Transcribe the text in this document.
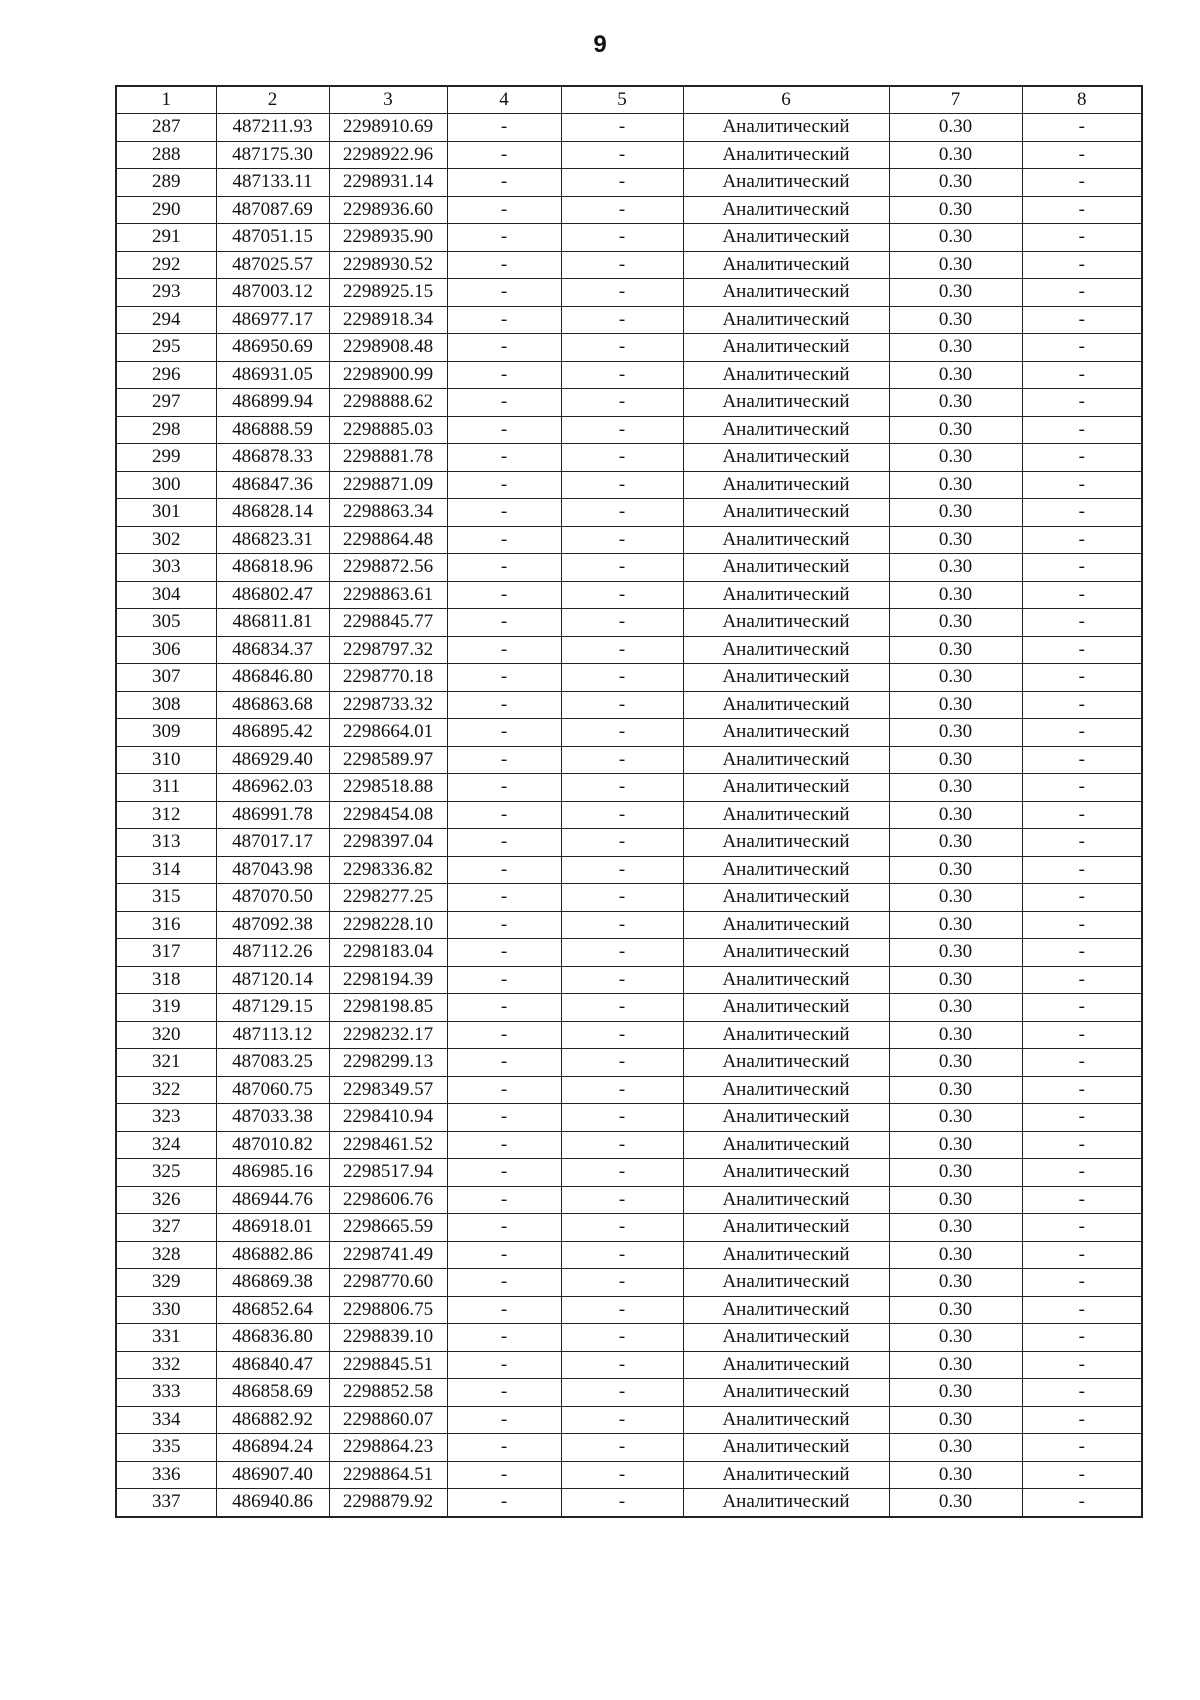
9
1	2	3	4	5	6	7	8
287	487211.93	2298910.69	-	-	Аналитический	0.30	-
288	487175.30	2298922.96	-	-	Аналитический	0.30	-
289	487133.11	2298931.14	-	-	Аналитический	0.30	-
290	487087.69	2298936.60	-	-	Аналитический	0.30	-
291	487051.15	2298935.90	-	-	Аналитический	0.30	-
292	487025.57	2298930.52	-	-	Аналитический	0.30	-
293	487003.12	2298925.15	-	-	Аналитический	0.30	-
294	486977.17	2298918.34	-	-	Аналитический	0.30	-
295	486950.69	2298908.48	-	-	Аналитический	0.30	-
296	486931.05	2298900.99	-	-	Аналитический	0.30	-
297	486899.94	2298888.62	-	-	Аналитический	0.30	-
298	486888.59	2298885.03	-	-	Аналитический	0.30	-
299	486878.33	2298881.78	-	-	Аналитический	0.30	-
300	486847.36	2298871.09	-	-	Аналитический	0.30	-
301	486828.14	2298863.34	-	-	Аналитический	0.30	-
302	486823.31	2298864.48	-	-	Аналитический	0.30	-
303	486818.96	2298872.56	-	-	Аналитический	0.30	-
304	486802.47	2298863.61	-	-	Аналитический	0.30	-
305	486811.81	2298845.77	-	-	Аналитический	0.30	-
306	486834.37	2298797.32	-	-	Аналитический	0.30	-
307	486846.80	2298770.18	-	-	Аналитический	0.30	-
308	486863.68	2298733.32	-	-	Аналитический	0.30	-
309	486895.42	2298664.01	-	-	Аналитический	0.30	-
310	486929.40	2298589.97	-	-	Аналитический	0.30	-
311	486962.03	2298518.88	-	-	Аналитический	0.30	-
312	486991.78	2298454.08	-	-	Аналитический	0.30	-
313	487017.17	2298397.04	-	-	Аналитический	0.30	-
314	487043.98	2298336.82	-	-	Аналитический	0.30	-
315	487070.50	2298277.25	-	-	Аналитический	0.30	-
316	487092.38	2298228.10	-	-	Аналитический	0.30	-
317	487112.26	2298183.04	-	-	Аналитический	0.30	-
318	487120.14	2298194.39	-	-	Аналитический	0.30	-
319	487129.15	2298198.85	-	-	Аналитический	0.30	-
320	487113.12	2298232.17	-	-	Аналитический	0.30	-
321	487083.25	2298299.13	-	-	Аналитический	0.30	-
322	487060.75	2298349.57	-	-	Аналитический	0.30	-
323	487033.38	2298410.94	-	-	Аналитический	0.30	-
324	487010.82	2298461.52	-	-	Аналитический	0.30	-
325	486985.16	2298517.94	-	-	Аналитический	0.30	-
326	486944.76	2298606.76	-	-	Аналитический	0.30	-
327	486918.01	2298665.59	-	-	Аналитический	0.30	-
328	486882.86	2298741.49	-	-	Аналитический	0.30	-
329	486869.38	2298770.60	-	-	Аналитический	0.30	-
330	486852.64	2298806.75	-	-	Аналитический	0.30	-
331	486836.80	2298839.10	-	-	Аналитический	0.30	-
332	486840.47	2298845.51	-	-	Аналитический	0.30	-
333	486858.69	2298852.58	-	-	Аналитический	0.30	-
334	486882.92	2298860.07	-	-	Аналитический	0.30	-
335	486894.24	2298864.23	-	-	Аналитический	0.30	-
336	486907.40	2298864.51	-	-	Аналитический	0.30	-
337	486940.86	2298879.92	-	-	Аналитический	0.30	-
